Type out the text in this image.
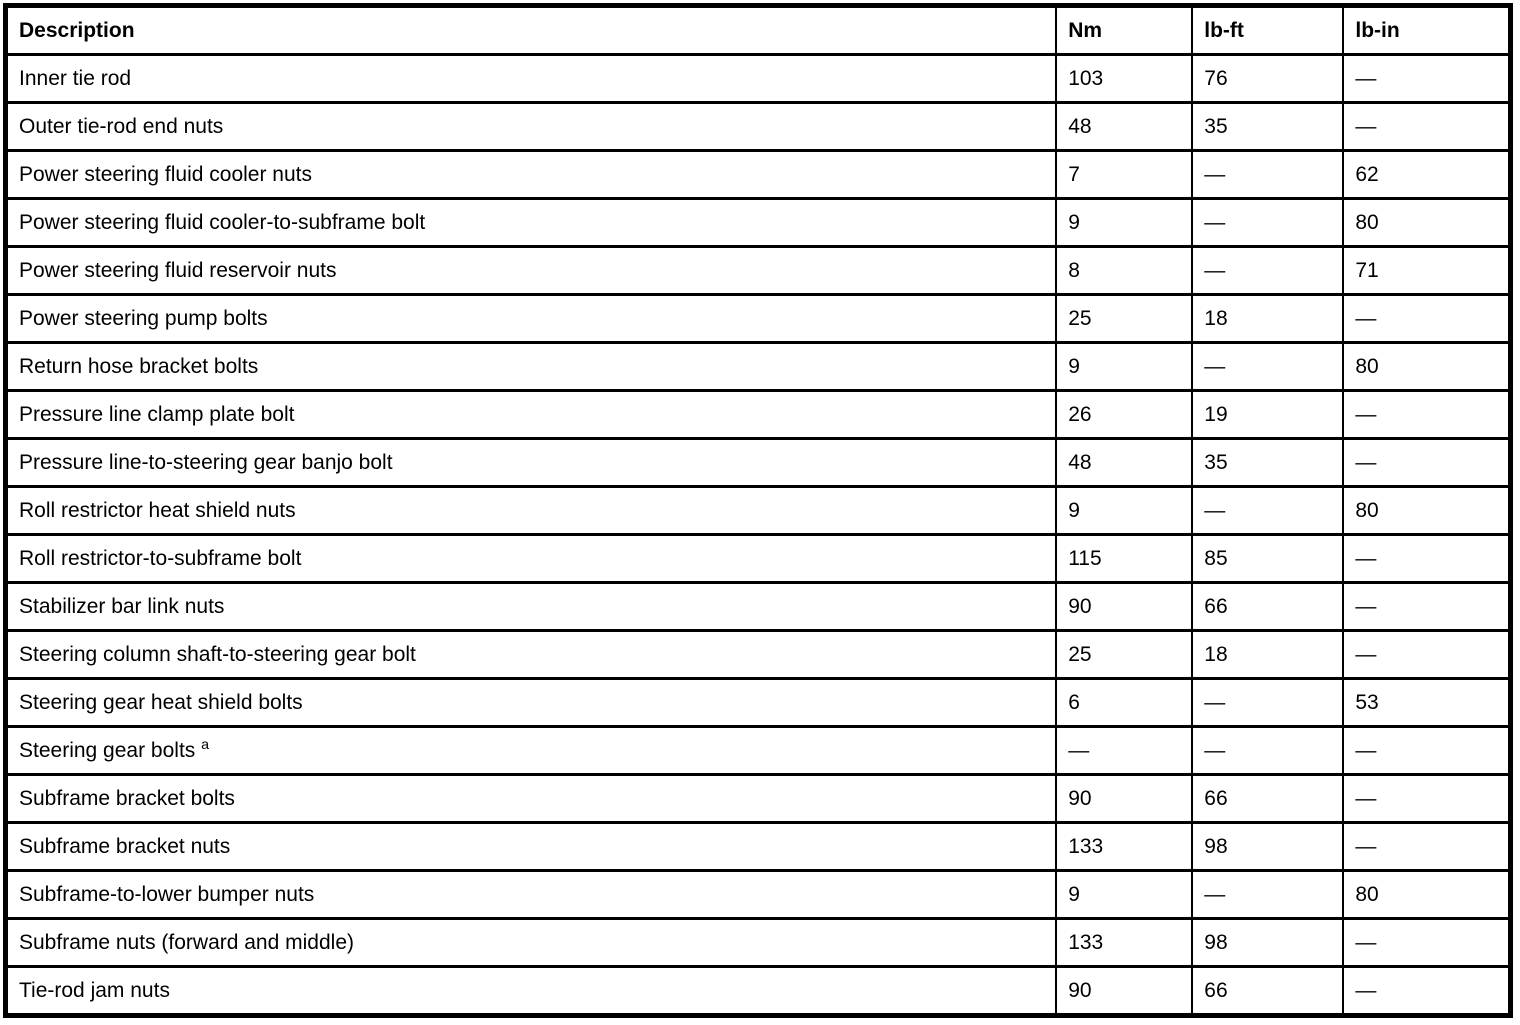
Description	Nm	lb-ft	lb-in
Inner tie rod	103	76	—
Outer tie-rod end nuts	48	35	—
Power steering fluid cooler nuts	7	—	62
Power steering fluid cooler-to-subframe bolt	9	—	80
Power steering fluid reservoir nuts	8	—	71
Power steering pump bolts	25	18	—
Return hose bracket bolts	9	—	80
Pressure line clamp plate bolt	26	19	—
Pressure line-to-steering gear banjo bolt	48	35	—
Roll restrictor heat shield nuts	9	—	80
Roll restrictor-to-subframe bolt	115	85	—
Stabilizer bar link nuts	90	66	—
Steering column shaft-to-steering gear bolt	25	18	—
Steering gear heat shield bolts	6	—	53
Steering gear bolts $^a$	—	—	—
Subframe bracket bolts	90	66	—
Subframe bracket nuts	133	98	—
Subframe-to-lower bumper nuts	9	—	80
Subframe nuts (forward and middle)	133	98	—
Tie-rod jam nuts	90	66	—
